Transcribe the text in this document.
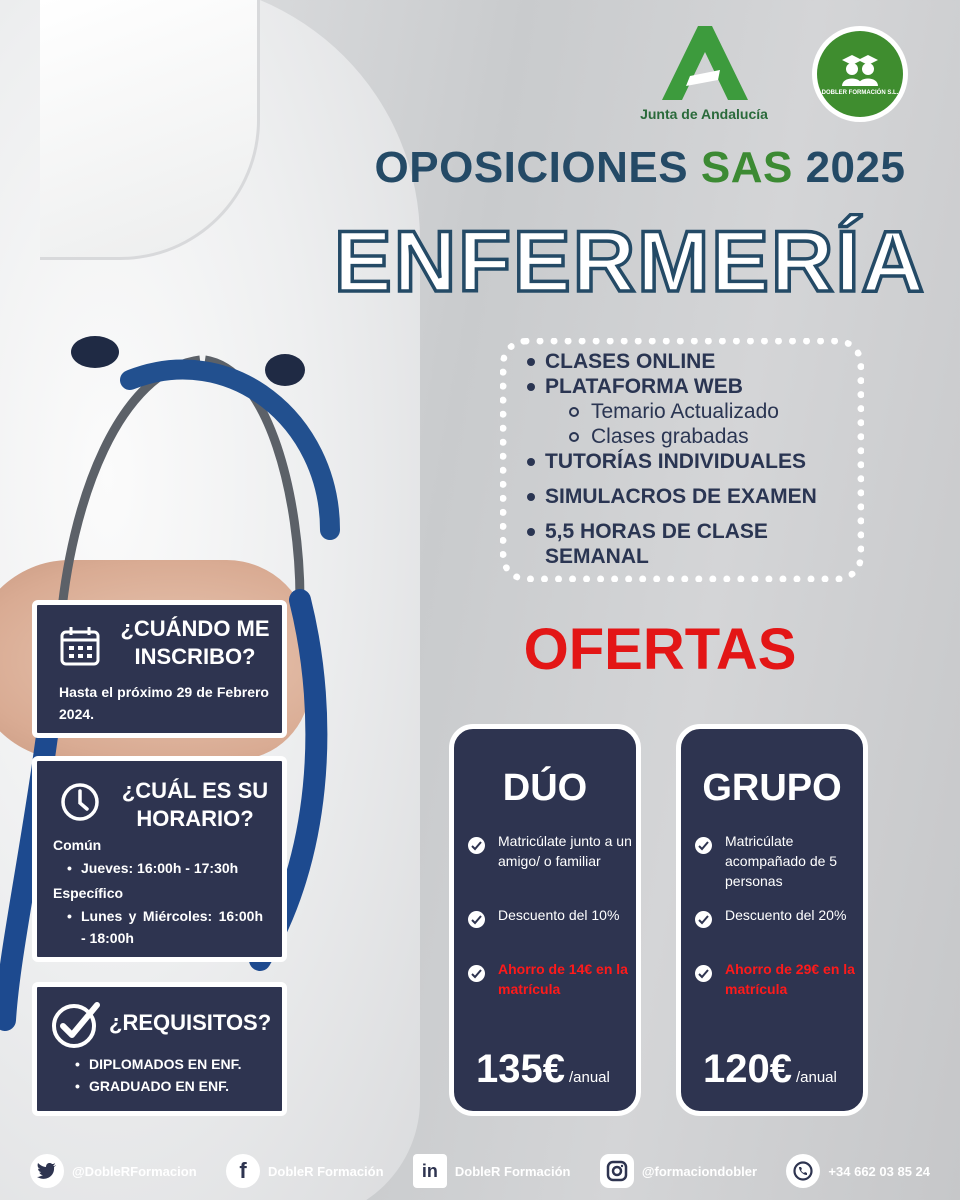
Junta de Andalucía
DOBLER FORMACIÓN S.L.
OPOSICIONES SAS 2025
ENFERMERÍA
CLASES ONLINE
PLATAFORMA WEB
Temario Actualizado
Clases grabadas
TUTORÍAS INDIVIDUALES
SIMULACROS DE EXAMEN
5,5 HORAS DE CLASE SEMANAL
OFERTAS
¿CUÁNDO ME INSCRIBO?
Hasta el próximo 29 de Febrero 2024.
¿CUÁL ES SU HORARIO?
Común
• Jueves: 16:00h - 17:30h
Específico
• Lunes y Miércoles: 16:00h - 18:00h
¿REQUISITOS?
• DIPLOMADOS EN ENF.
• GRADUADO EN ENF.
DÚO
Matricúlate junto a un amigo/ o familiar
Descuento del 10%
Ahorro de 14€ en la matrícula
135€ /anual
GRUPO
Matricúlate acompañado de 5 personas
Descuento del 20%
Ahorro de 29€ en la matrícula
120€ /anual
@DobleRFormacion f DobleR Formación in DobleR Formación	@formaciondobler	+34 662 03 85 24
